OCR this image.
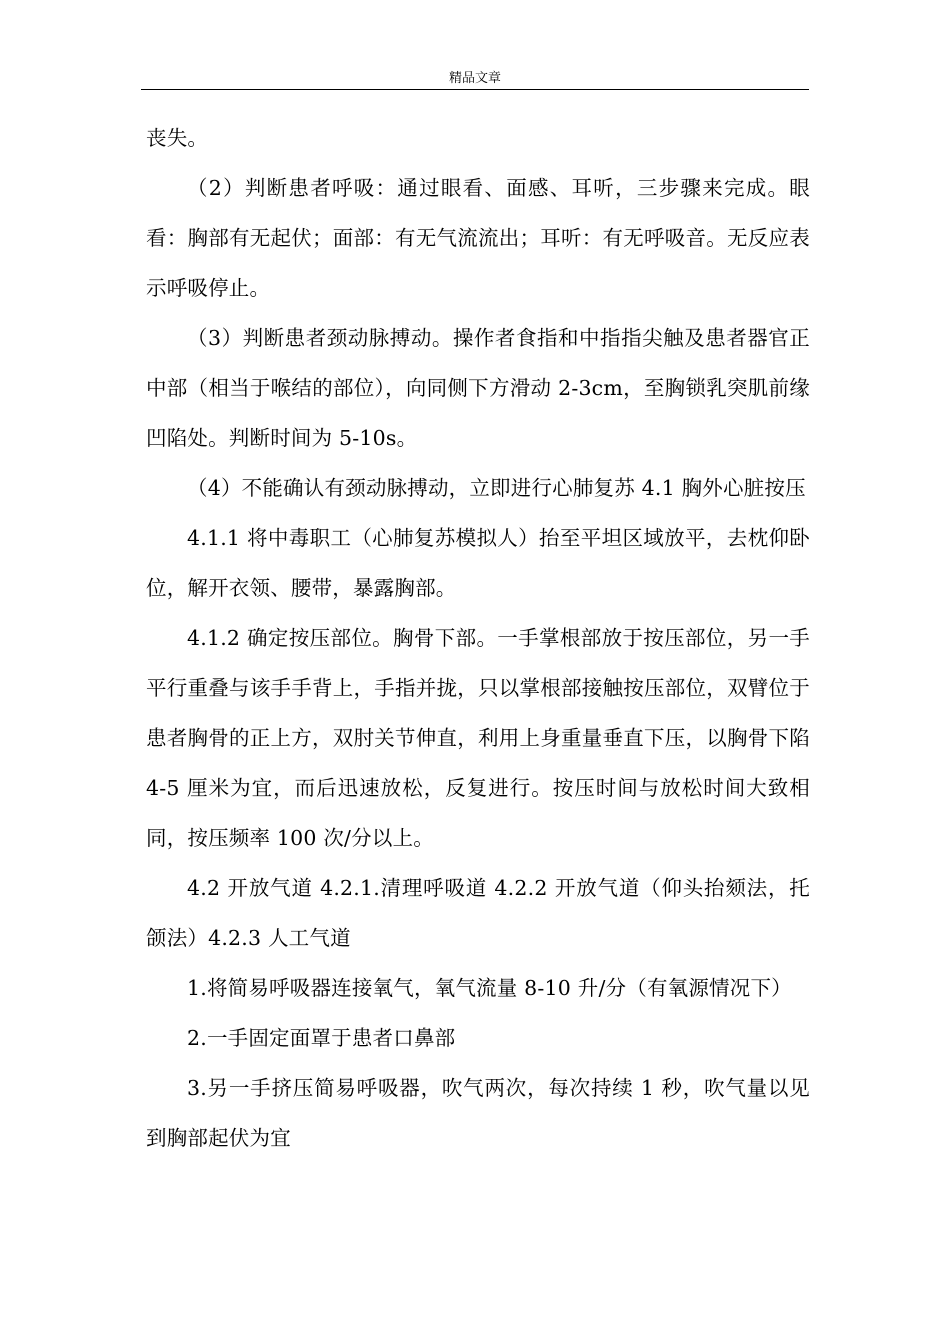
精品文章

丧失。

（2）判断患者呼吸：通过眼看、面感、耳听，三步骤来完成。眼看：胸部有无起伏；面部：有无气流流出；耳听：有无呼吸音。无反应表示呼吸停止。

（3）判断患者颈动脉搏动。操作者食指和中指指尖触及患者器官正中部（相当于喉结的部位），向同侧下方滑动 2-3cm，至胸锁乳突肌前缘凹陷处。判断时间为 5-10s。

（4）不能确认有颈动脉搏动，立即进行心肺复苏 4.1 胸外心脏按压

4.1.1 将中毒职工（心肺复苏模拟人）抬至平坦区域放平，去枕仰卧位，解开衣领、腰带，暴露胸部。

4.1.2 确定按压部位。胸骨下部。一手掌根部放于按压部位，另一手平行重叠与该手手背上，手指并拢，只以掌根部接触按压部位，双臂位于患者胸骨的正上方，双肘关节伸直，利用上身重量垂直下压，以胸骨下陷 4-5 厘米为宜，而后迅速放松，反复进行。按压时间与放松时间大致相同，按压频率 100 次/分以上。

4.2 开放气道 4.2.1.清理呼吸道 4.2.2 开放气道（仰头抬颏法，托颌法）4.2.3 人工气道

1.将简易呼吸器连接氧气，氧气流量 8-10 升/分（有氧源情况下）

2.一手固定面罩于患者口鼻部

3.另一手挤压简易呼吸器，吹气两次，每次持续 1 秒，吹气量以见到胸部起伏为宜
